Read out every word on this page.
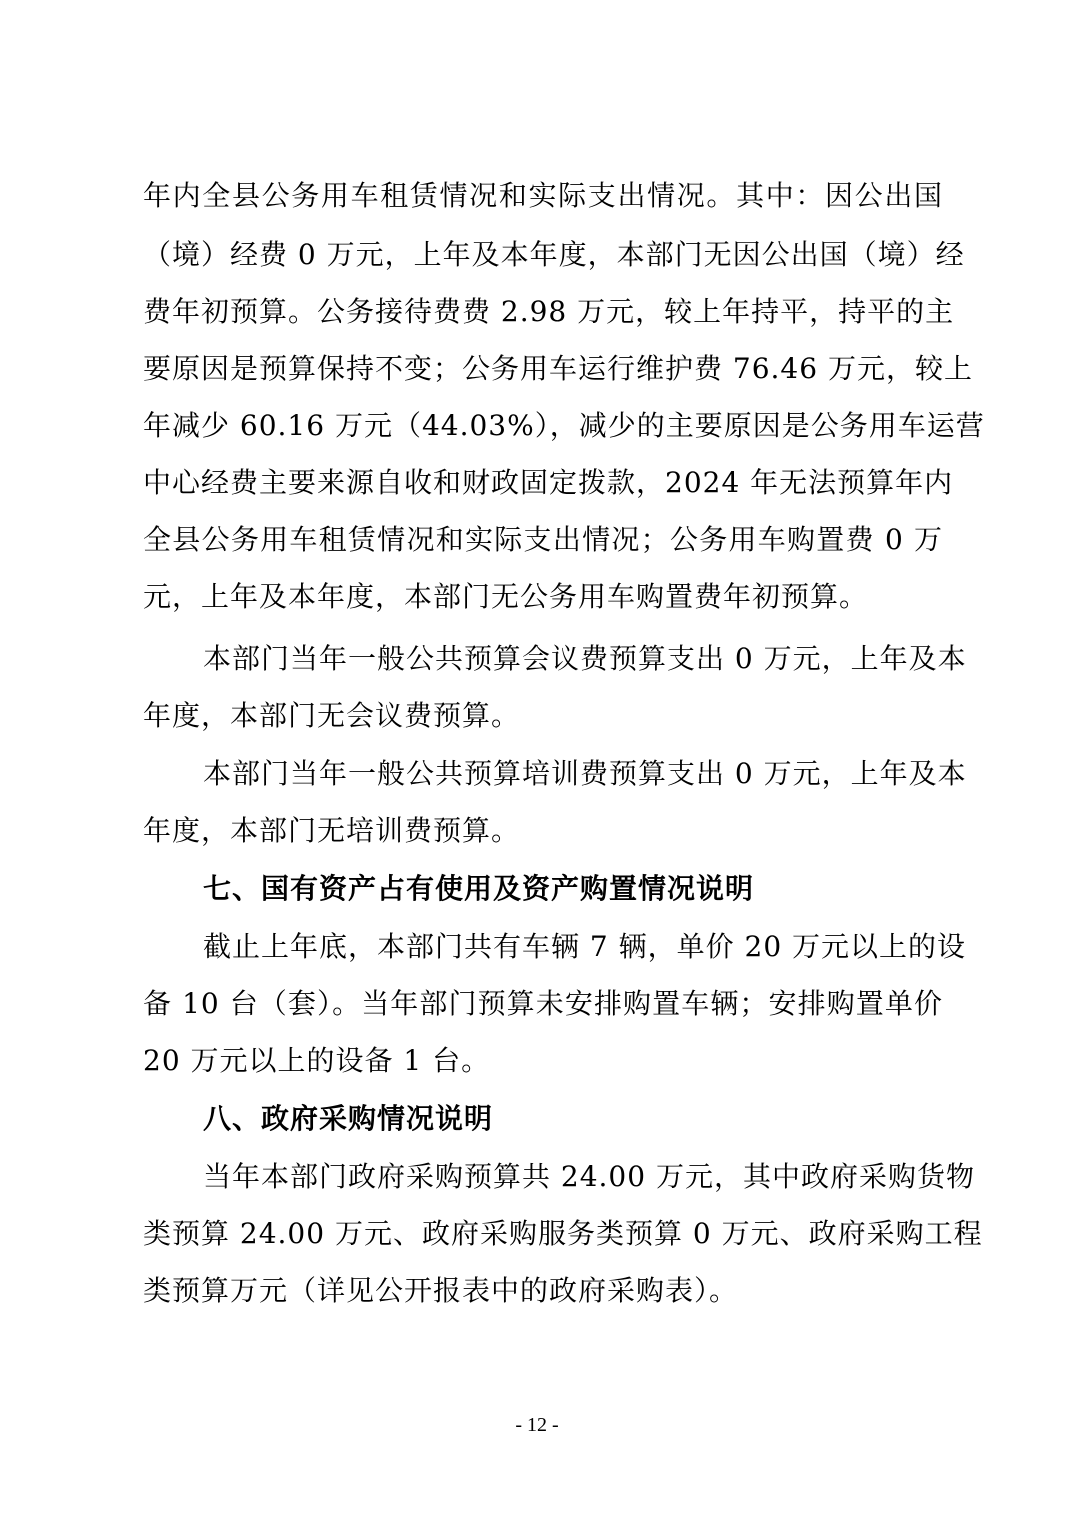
年内全县公务用车租赁情况和实际支出情况。其中：因公出国
（境）经费 0 万元，上年及本年度，本部门无因公出国（境）经
费年初预算。公务接待费费 2.98 万元，较上年持平，持平的主
要原因是预算保持不变；公务用车运行维护费 76.46 万元，较上
年减少 60.16 万元（44.03%），减少的主要原因是公务用车运营
中心经费主要来源自收和财政固定拨款，2024 年无法预算年内
全县公务用车租赁情况和实际支出情况；公务用车购置费 0 万
元，上年及本年度，本部门无公务用车购置费年初预算。
本部门当年一般公共预算会议费预算支出 0 万元，上年及本
年度，本部门无会议费预算。
本部门当年一般公共预算培训费预算支出 0 万元，上年及本
年度，本部门无培训费预算。
七、国有资产占有使用及资产购置情况说明
截止上年底，本部门共有车辆 7 辆，单价 20 万元以上的设
备 10 台（套）。当年部门预算未安排购置车辆；安排购置单价
20 万元以上的设备 1 台。
八、政府采购情况说明
当年本部门政府采购预算共 24.00 万元，其中政府采购货物
类预算 24.00 万元、政府采购服务类预算 0 万元、政府采购工程
类预算万元（详见公开报表中的政府采购表）。
- 12 -
